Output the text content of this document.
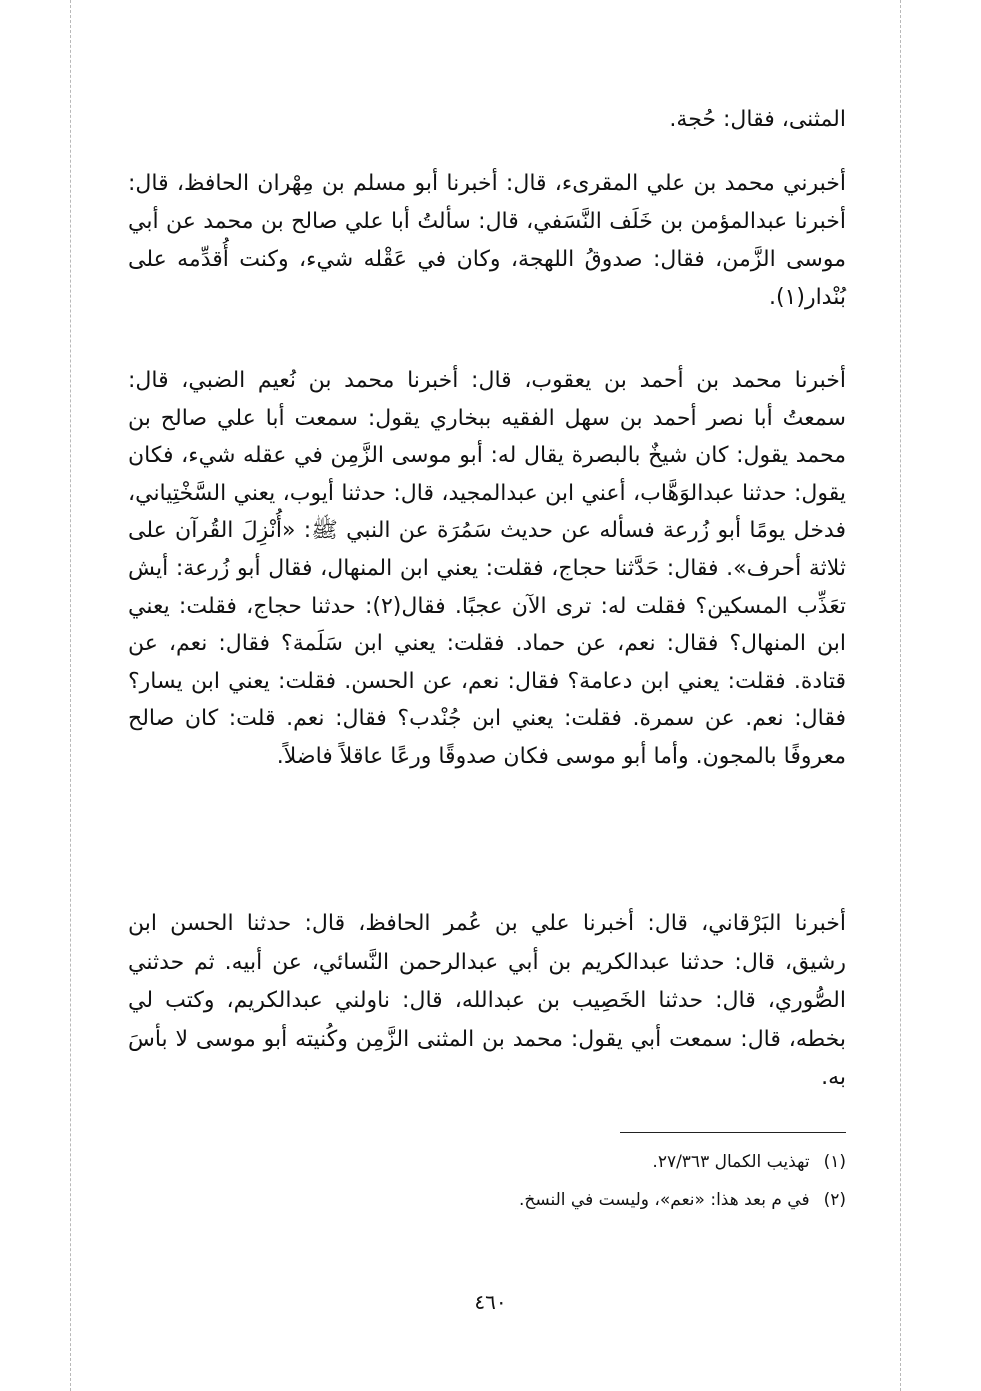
المثنى، فقال: حُجة.

أخبرني محمد بن علي المقرىء، قال: أخبرنا أبو مسلم بن مِهْران الحافظ، قال: أخبرنا عبدالمؤمن بن خَلَف النَّسَفي، قال: سألتُ أبا علي صالح بن محمد عن أبي موسى الزَّمن، فقال: صدوقُ اللهجة، وكان في عَقْله شيء، وكنت أُقدِّمه على بُنْدار(١).

أخبرنا محمد بن أحمد بن يعقوب، قال: أخبرنا محمد بن نُعيم الضبي، قال: سمعتُ أبا نصر أحمد بن سهل الفقيه ببخاري يقول: سمعت أبا علي صالح بن محمد يقول: كان شيخٌ بالبصرة يقال له: أبو موسى الزَّمِن في عقله شيء، فكان يقول: حدثنا عبدالوَهَّاب، أعني ابن عبدالمجيد، قال: حدثنا أيوب، يعني السَّخْتِياني، فدخل يومًا أبو زُرعة فسأله عن حديث سَمُرَة عن النبي ﷺ: «أُنْزِلَ القُرآن على ثلاثة أحرف». فقال: حَدَّثنا حجاج، فقلت: يعني ابن المنهال، فقال أبو زُرعة: أيش تعَذِّب المسكين؟ فقلت له: ترى الآن عجبًا. فقال(٢): حدثنا حجاج، فقلت: يعني ابن المنهال؟ فقال: نعم، عن حماد. فقلت: يعني ابن سَلَمة؟ فقال: نعم، عن قتادة. فقلت: يعني ابن دعامة؟ فقال: نعم، عن الحسن. فقلت: يعني ابن يسار؟ فقال: نعم. عن سمرة. فقلت: يعني ابن جُنْدب؟ فقال: نعم. قلت: كان صالح معروفًا بالمجون. وأما أبو موسى فكان صدوقًا ورعًا عاقلاً فاضلاً.

أخبرنا البَرْقاني، قال: أخبرنا علي بن عُمر الحافظ، قال: حدثنا الحسن ابن رشيق، قال: حدثنا عبدالكريم بن أبي عبدالرحمن النَّسائي، عن أبيه. ثم حدثني الصُّوري، قال: حدثنا الخَصِيب بن عبدالله، قال: ناولني عبدالكريم، وكتب لي بخطه، قال: سمعت أبي يقول: محمد بن المثنى الزَّمِن وكُنيته أبو موسى لا بأسَ به.

(١)تهذيب الكمال ٢٧/٣٦٣.

(٢)في م بعد هذا: «نعم»، وليست في النسخ.

٤٦٠
